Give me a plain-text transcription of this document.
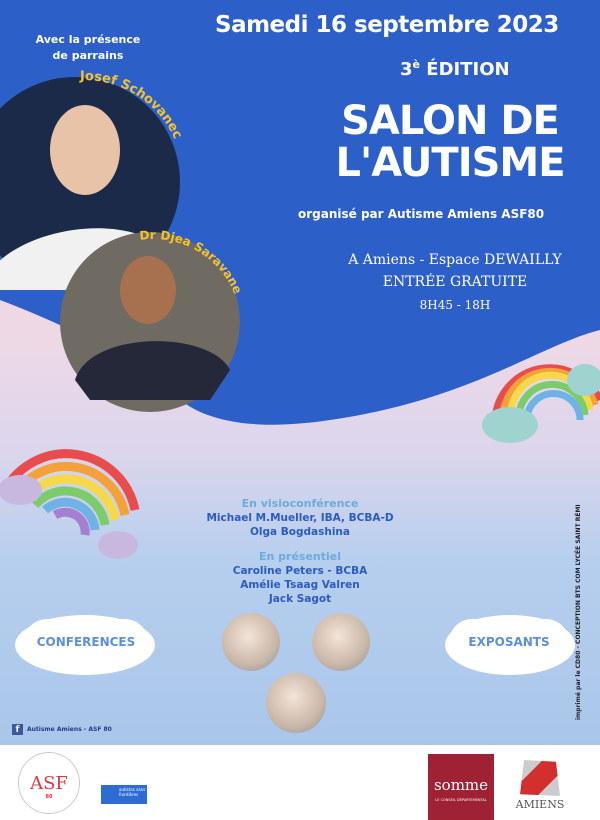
Josef Schovanec
Dr Djea Saravane
Avec la présence
de parrains
Samedi 16 septembre 2023
$3^è$ ÉDITION
SALON DE
L'AUTISME
organisé par Autisme Amiens ASF80
A Amiens - Espace DEWAILLY
ENTRÉE GRATUITE
8H45 - 18H
En visioconférence
Michael M.Mueller, IBA, BCBA-D
Olga Bogdashina
En présentiel
Caroline Peters - BCBA
Amélie Tsaag Valren
Jack Sagot
CONFERENCES	EXPOSANTS	imprimé par le CD80 - CONCEPTION BTS COM LYCÉE SAINT RÉMI
f	Autisme Amiens - ASF 80
ASF
80
autistes sans frontières	somme
LE CONSEIL DÉPARTEMENTAL	AMIENS
